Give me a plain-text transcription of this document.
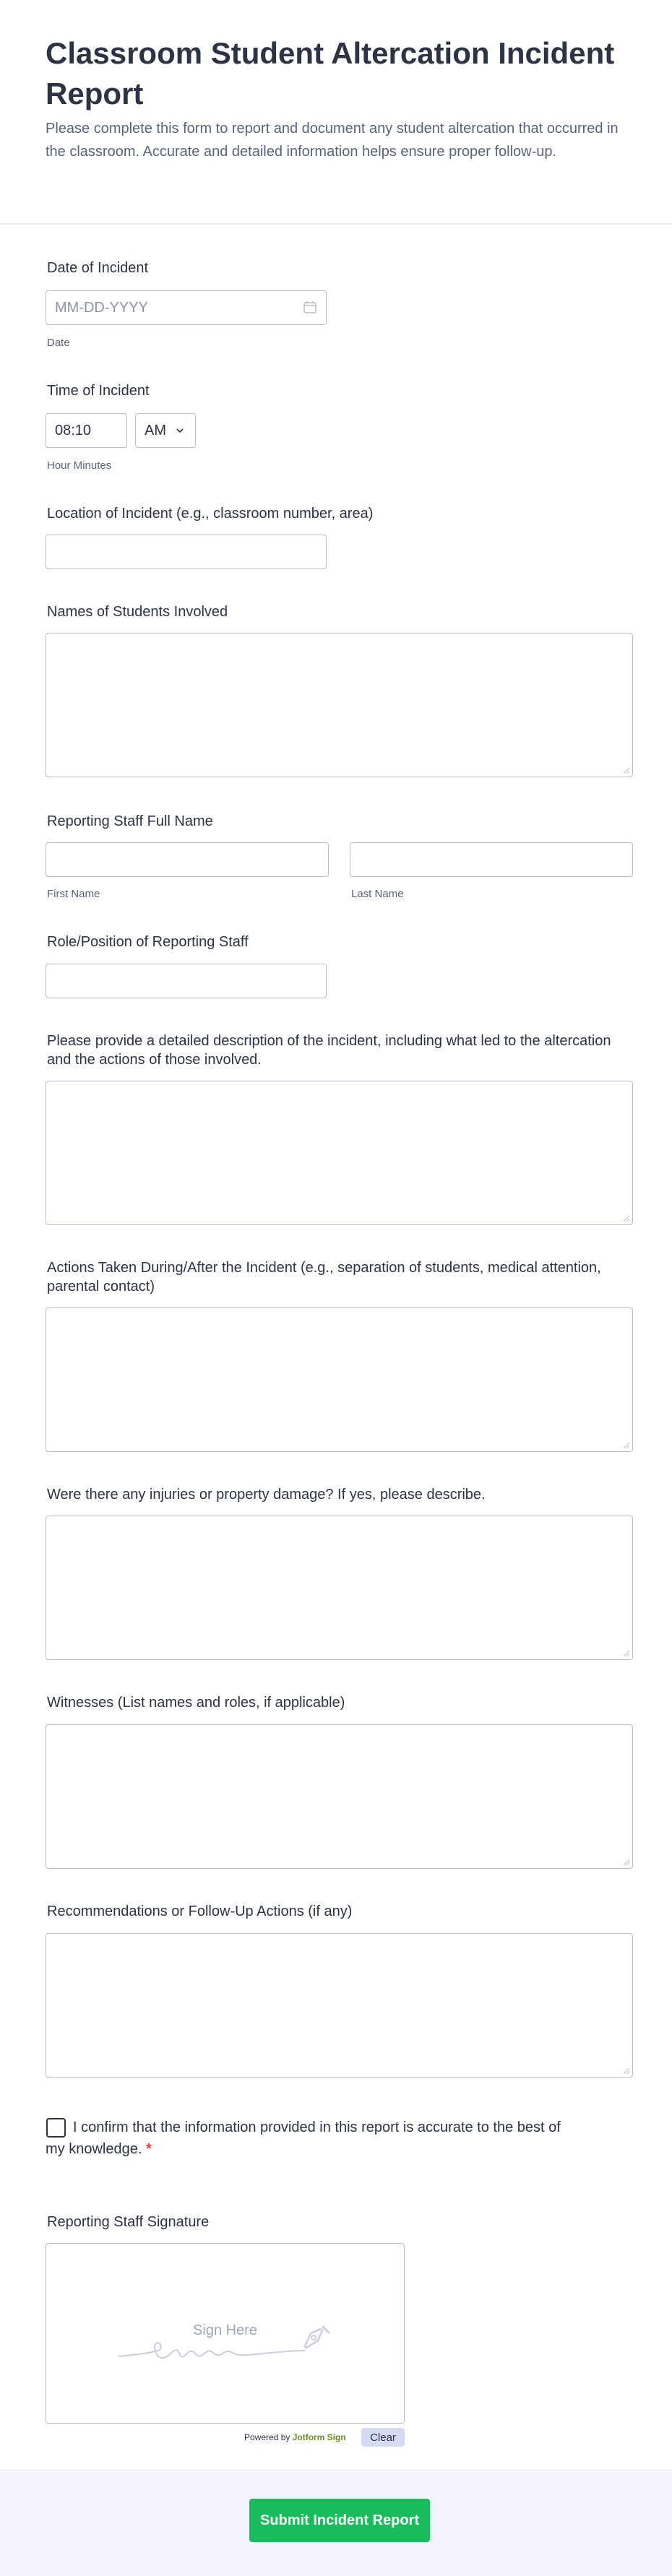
Classroom Student Altercation Incident Report

Please complete this form to report and document any student altercation that occurred in the classroom. Accurate and detailed information helps ensure proper follow-up.

Date of Incident
MM-DD-YYYY
Date
Time of Incident
08:10	AM
Hour Minutes
Location of Incident (e.g., classroom number, area)
Names of Students Involved
Reporting Staff Full Name
First Name	Last Name
Role/Position of Reporting Staff
Please provide a detailed description of the incident, including what led to the altercation and the actions of those involved.
Actions Taken During/After the Incident (e.g., separation of students, medical attention, parental contact)
Were there any injuries or property damage? If yes, please describe.
Witnesses (List names and roles, if applicable)
Recommendations or Follow-Up Actions (if any)
I confirm that the information provided in this report is accurate to the best of my knowledge. *
Reporting Staff Signature
Sign Here
Powered by Jotform Sign	Clear
Submit Incident Report
